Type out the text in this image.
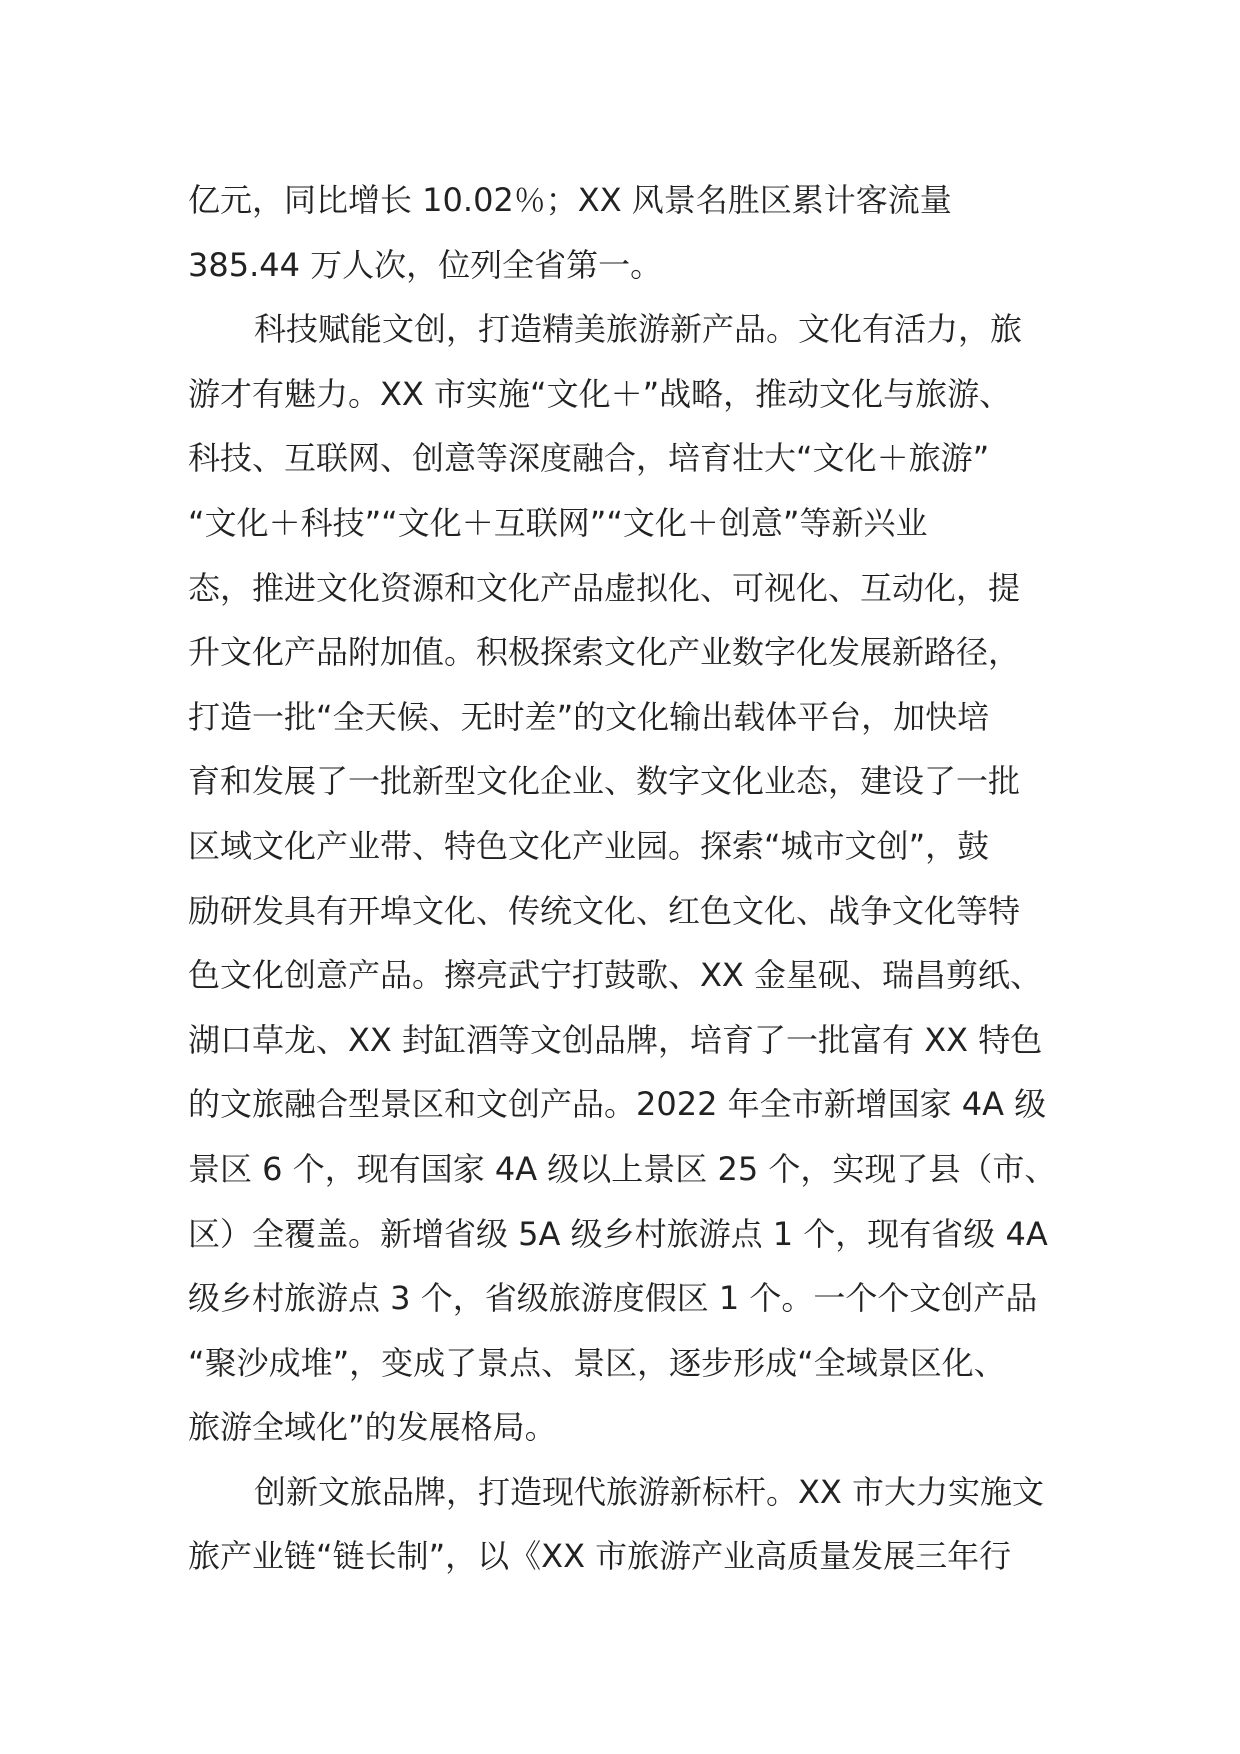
亿元，同比增长 10.02％；XX 风景名胜区累计客流量
385.44 万人次，位列全省第一。
科技赋能文创，打造精美旅游新产品。文化有活力，旅
游才有魅力。XX 市实施“文化＋”战略，推动文化与旅游、
科技、互联网、创意等深度融合，培育壮大“文化＋旅游”
“文化＋科技”“文化＋互联网”“文化＋创意”等新兴业
态，推进文化资源和文化产品虚拟化、可视化、互动化，提
升文化产品附加值。积极探索文化产业数字化发展新路径，
打造一批“全天候、无时差”的文化输出载体平台，加快培
育和发展了一批新型文化企业、数字文化业态，建设了一批
区域文化产业带、特色文化产业园。探索“城市文创”，鼓
励研发具有开埠文化、传统文化、红色文化、战争文化等特
色文化创意产品。擦亮武宁打鼓歌、XX 金星砚、瑞昌剪纸、
湖口草龙、XX 封缸酒等文创品牌，培育了一批富有 XX 特色
的文旅融合型景区和文创产品。2022 年全市新增国家 4A 级
景区 6 个，现有国家 4A 级以上景区 25 个，实现了县（市、
区）全覆盖。新增省级 5A 级乡村旅游点 1 个，现有省级 4A
级乡村旅游点 3 个，省级旅游度假区 1 个。一个个文创产品
“聚沙成堆”，变成了景点、景区，逐步形成“全域景区化、
旅游全域化”的发展格局。
创新文旅品牌，打造现代旅游新标杆。XX 市大力实施文
旅产业链“链长制”，以《XX 市旅游产业高质量发展三年行
